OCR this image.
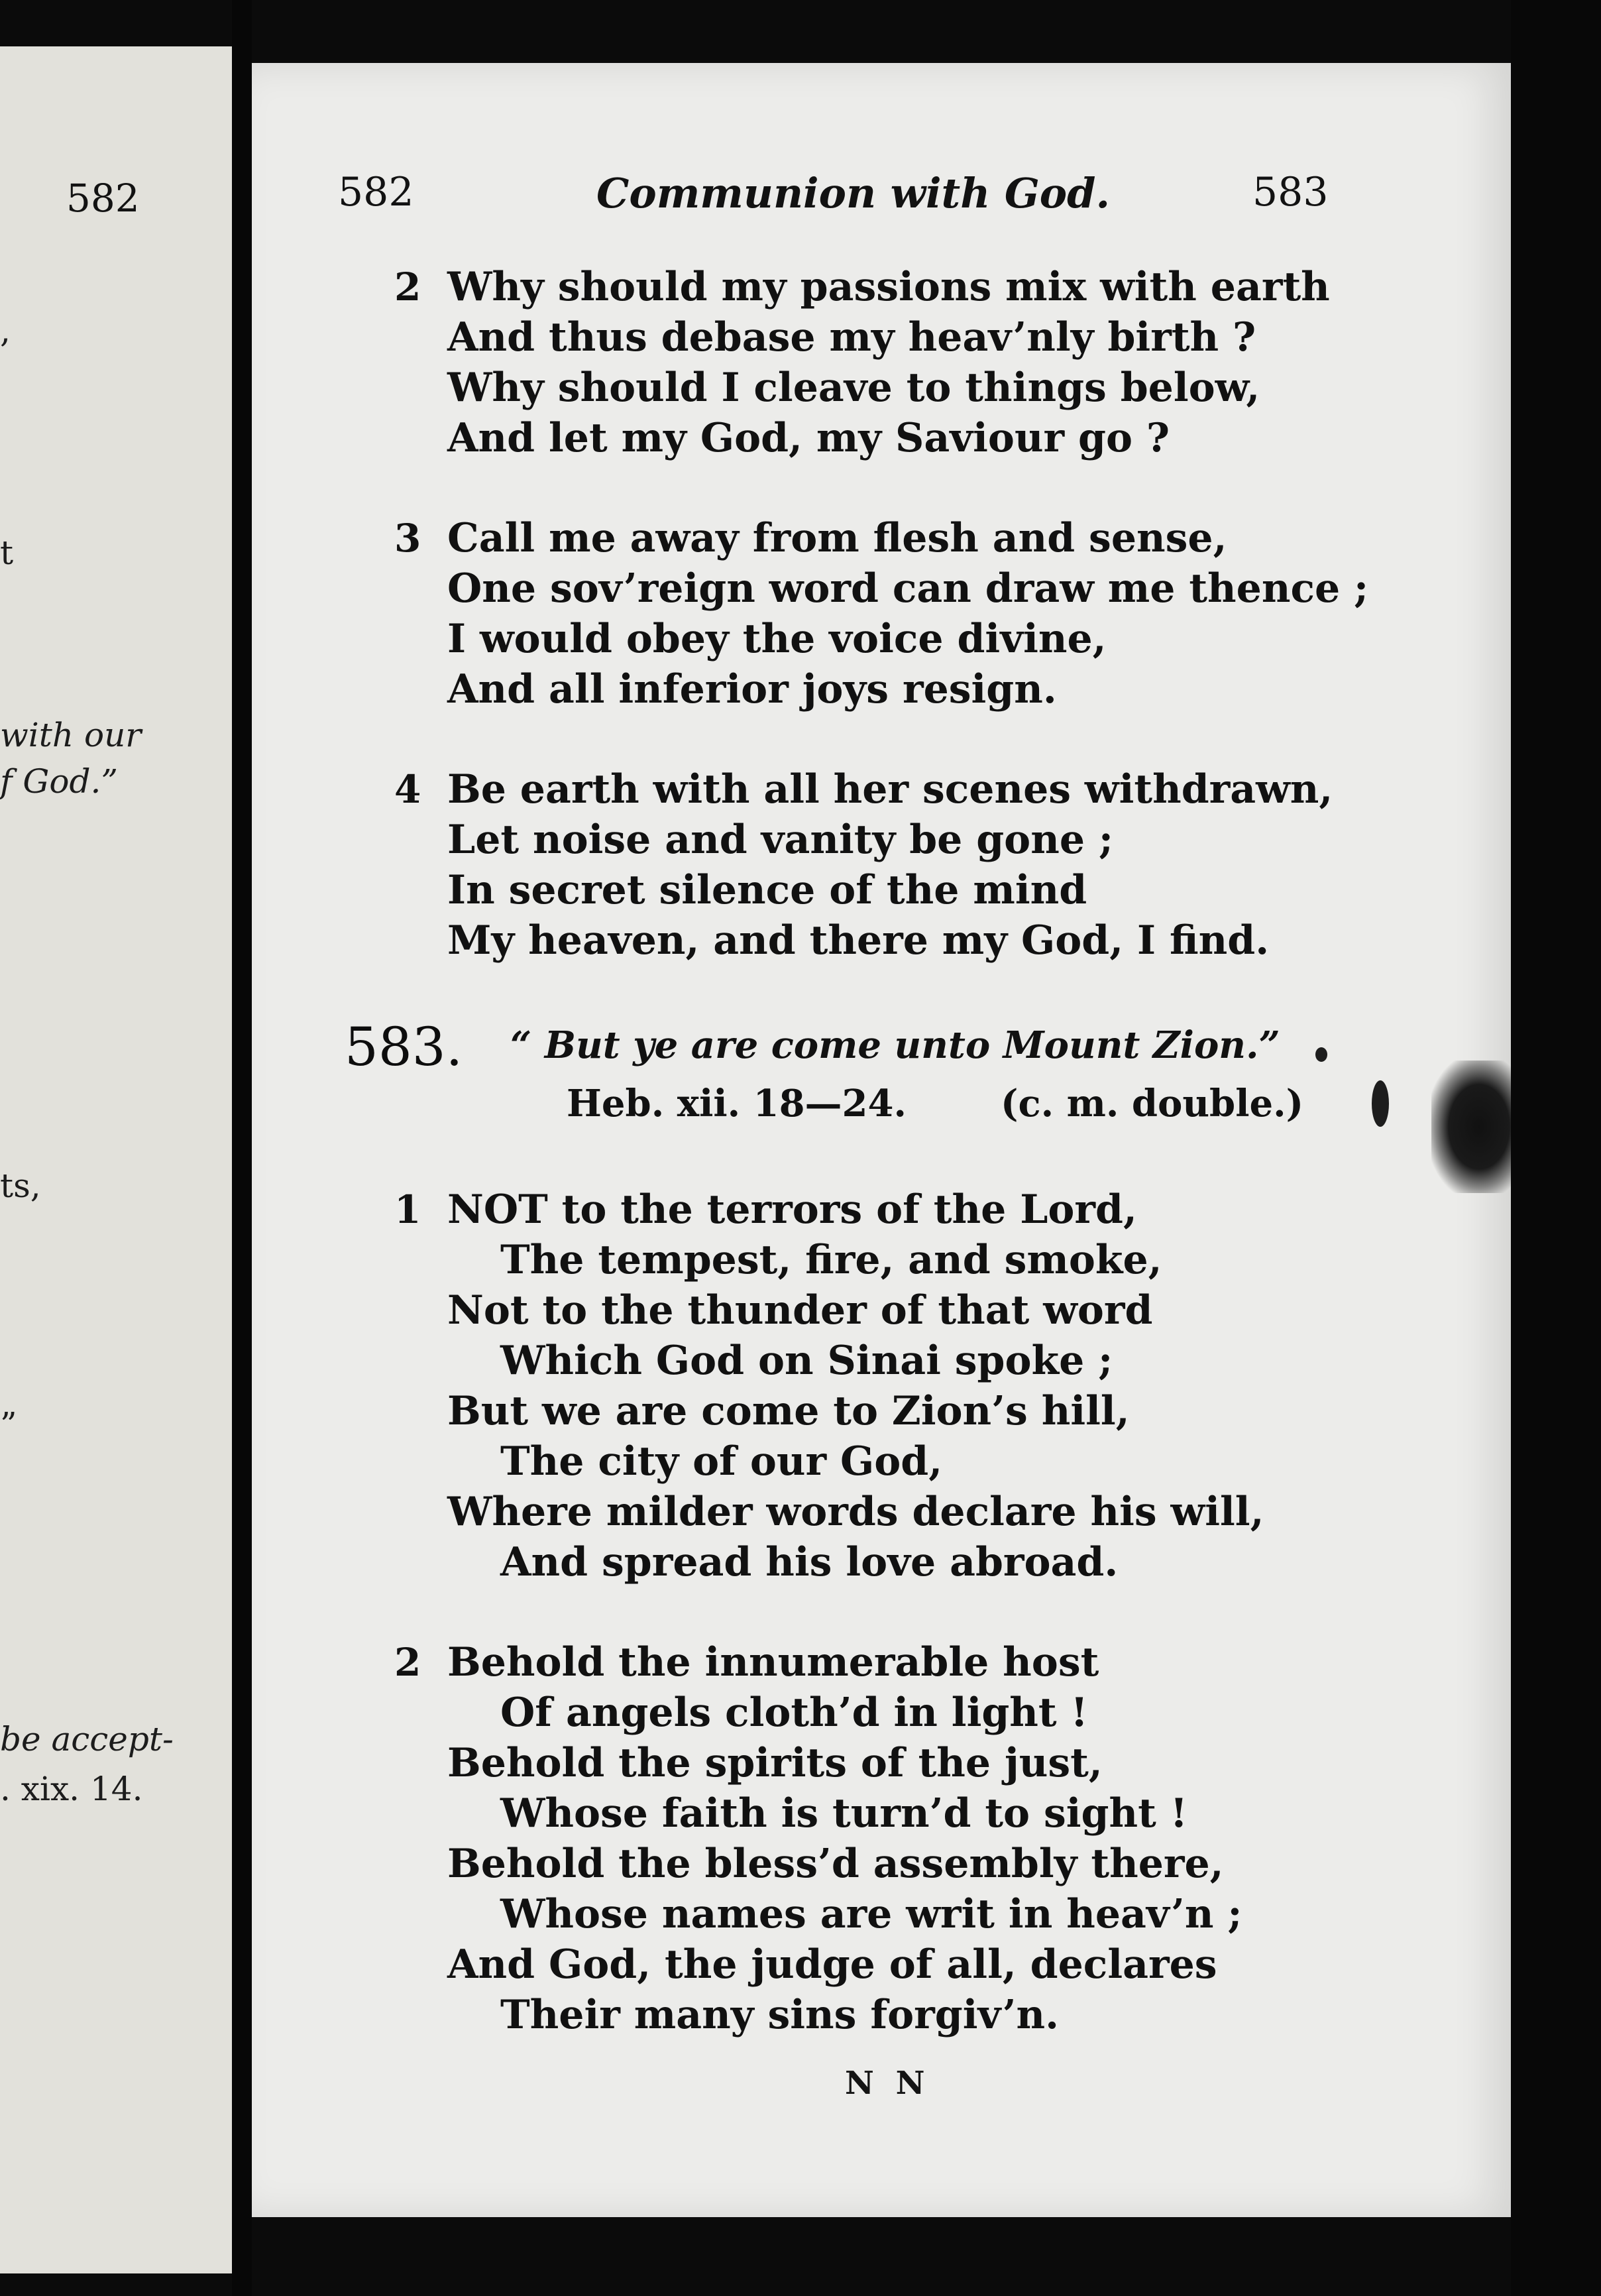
582
,
t
with our
f God.”
ts,
”
be accept-
. xix. 14.
582	Communion with God.	583
2 Why should my passions mix with earth
And thus debase my heav’nly birth ?
Why should I cleave to things below,
And let my God, my Saviour go ?
3 Call me away from flesh and sense,
One sov’reign word can draw me thence ;
I would obey the voice divine,
And all inferior joys resign.
4 Be earth with all her scenes withdrawn,
Let noise and vanity be gone ;
In secret silence of the mind
My heaven, and there my God, I find.
583. “ But ye are come unto Mount Zion.”
Heb. xii. 18—24.	(c. m. double.)
1 NOT to the terrors of the Lord,
The tempest, fire, and smoke,
Not to the thunder of that word
Which God on Sinai spoke ;
But we are come to Zion’s hill,
The city of our God,
Where milder words declare his will,
And spread his love abroad.
2 Behold the innumerable host
Of angels cloth’d in light !
Behold the spirits of the just,
Whose faith is turn’d to sight !
Behold the bless’d assembly there,
Whose names are writ in heav’n ;
And God, the judge of all, declares
Their many sins forgiv’n.
N N
